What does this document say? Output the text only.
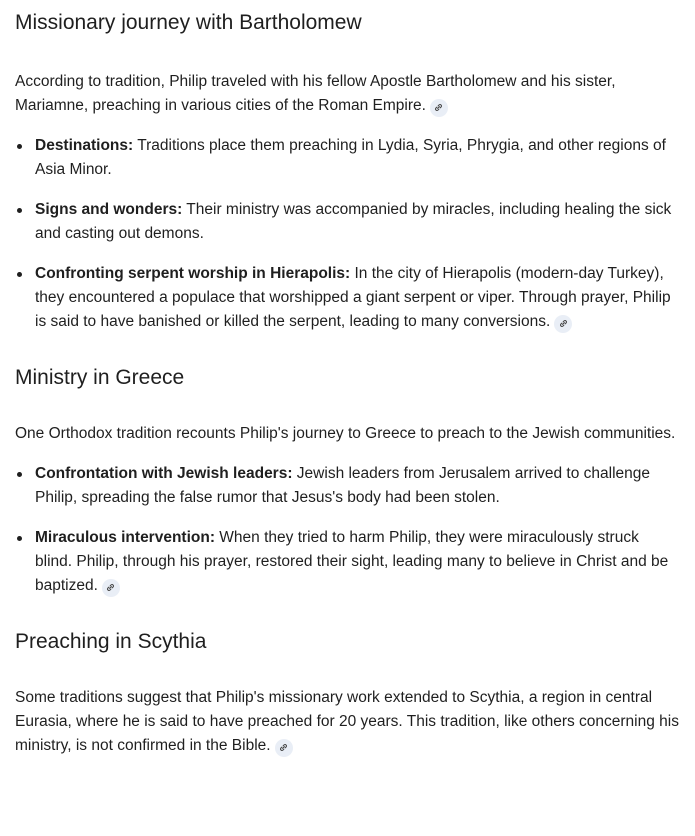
Missionary journey with Bartholomew

According to tradition, Philip traveled with his fellow Apostle Bartholomew and his sister, Mariamne, preaching in various cities of the Roman Empire.

Destinations: Traditions place them preaching in Lydia, Syria, Phrygia, and other regions of Asia Minor.
Signs and wonders: Their ministry was accompanied by miracles, including healing the sick and casting out demons.
Confronting serpent worship in Hierapolis: In the city of Hierapolis (modern-day Turkey), they encountered a populace that worshipped a giant serpent or viper. Through prayer, Philip is said to have banished or killed the serpent, leading to many conversions.
Ministry in Greece

One Orthodox tradition recounts Philip's journey to Greece to preach to the Jewish communities.

Confrontation with Jewish leaders: Jewish leaders from Jerusalem arrived to challenge Philip, spreading the false rumor that Jesus's body had been stolen.
Miraculous intervention: When they tried to harm Philip, they were miraculously struck blind. Philip, through his prayer, restored their sight, leading many to believe in Christ and be baptized.
Preaching in Scythia

Some traditions suggest that Philip's missionary work extended to Scythia, a region in central Eurasia, where he is said to have preached for 20 years. This tradition, like others concerning his ministry, is not confirmed in the Bible.
